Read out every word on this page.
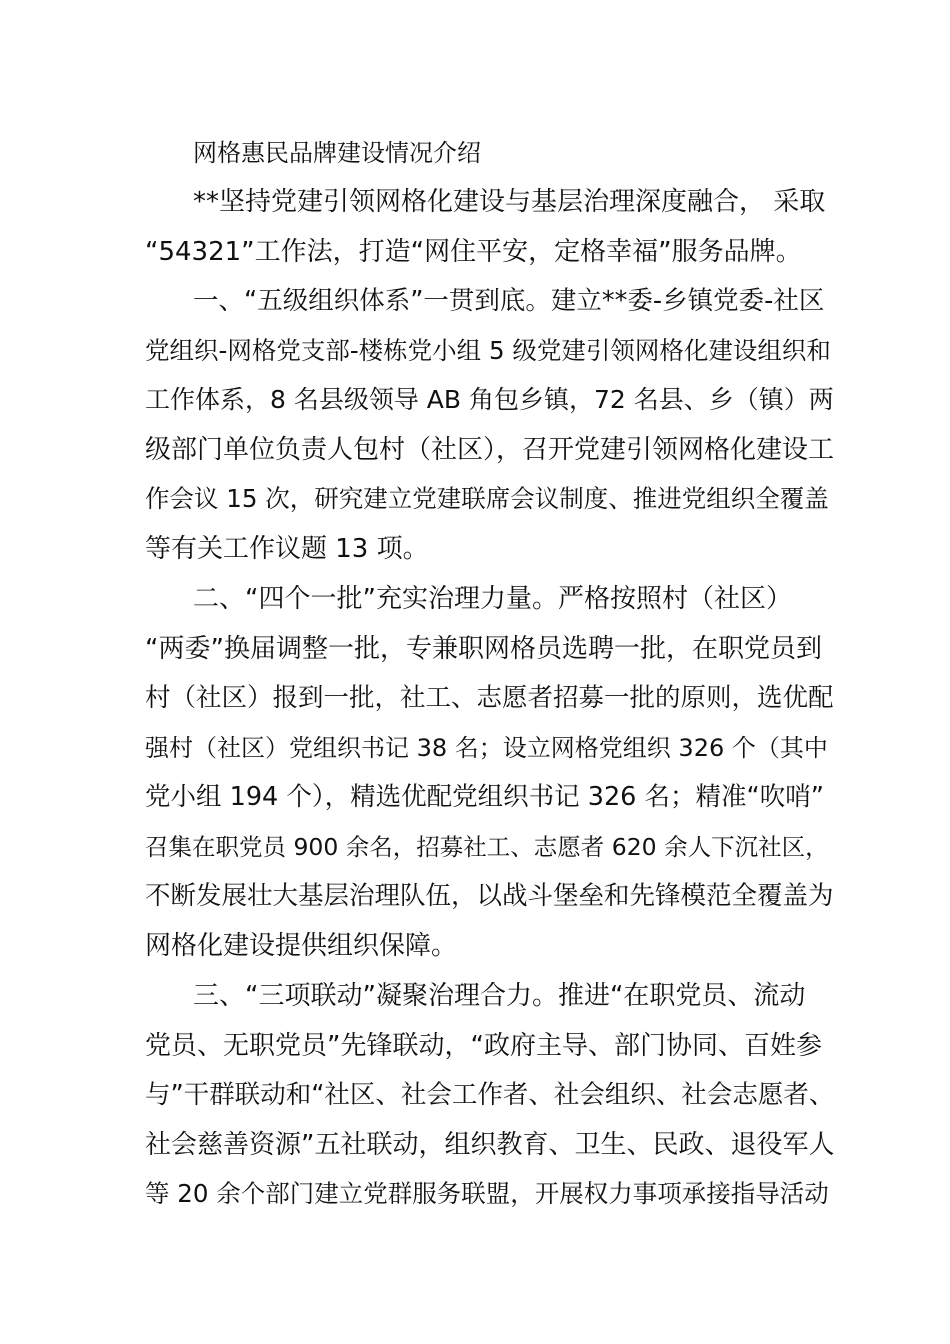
网格惠民品牌建设情况介绍
**坚持党建引领网格化建设与基层治理深度融合， 采取
“54321”工作法，打造“网住平安，定格幸福”服务品牌。
一、“五级组织体系”一贯到底。建立**委-乡镇党委-社区
党组织-网格党支部-楼栋党小组 5 级党建引领网格化建设组织和
工作体系，8 名县级领导 AB 角包乡镇，72 名县、乡（镇）两
级部门单位负责人包村（社区），召开党建引领网格化建设工
作会议 15 次，研究建立党建联席会议制度、推进党组织全覆盖
等有关工作议题 13 项。
二、“四个一批”充实治理力量。严格按照村（社区）
“两委”换届调整一批，专兼职网格员选聘一批，在职党员到
村（社区）报到一批，社工、志愿者招募一批的原则，选优配
强村（社区）党组织书记 38 名；设立网格党组织 326 个（其中
党小组 194 个），精选优配党组织书记 326 名；精准“吹哨”
召集在职党员 900 余名，招募社工、志愿者 620 余人下沉社区，
不断发展壮大基层治理队伍，以战斗堡垒和先锋模范全覆盖为
网格化建设提供组织保障。
三、“三项联动”凝聚治理合力。推进“在职党员、流动
党员、无职党员”先锋联动，“政府主导、部门协同、百姓参
与”干群联动和“社区、社会工作者、社会组织、社会志愿者、
社会慈善资源”五社联动，组织教育、卫生、民政、退役军人
等 20 余个部门建立党群服务联盟，开展权力事项承接指导活动
